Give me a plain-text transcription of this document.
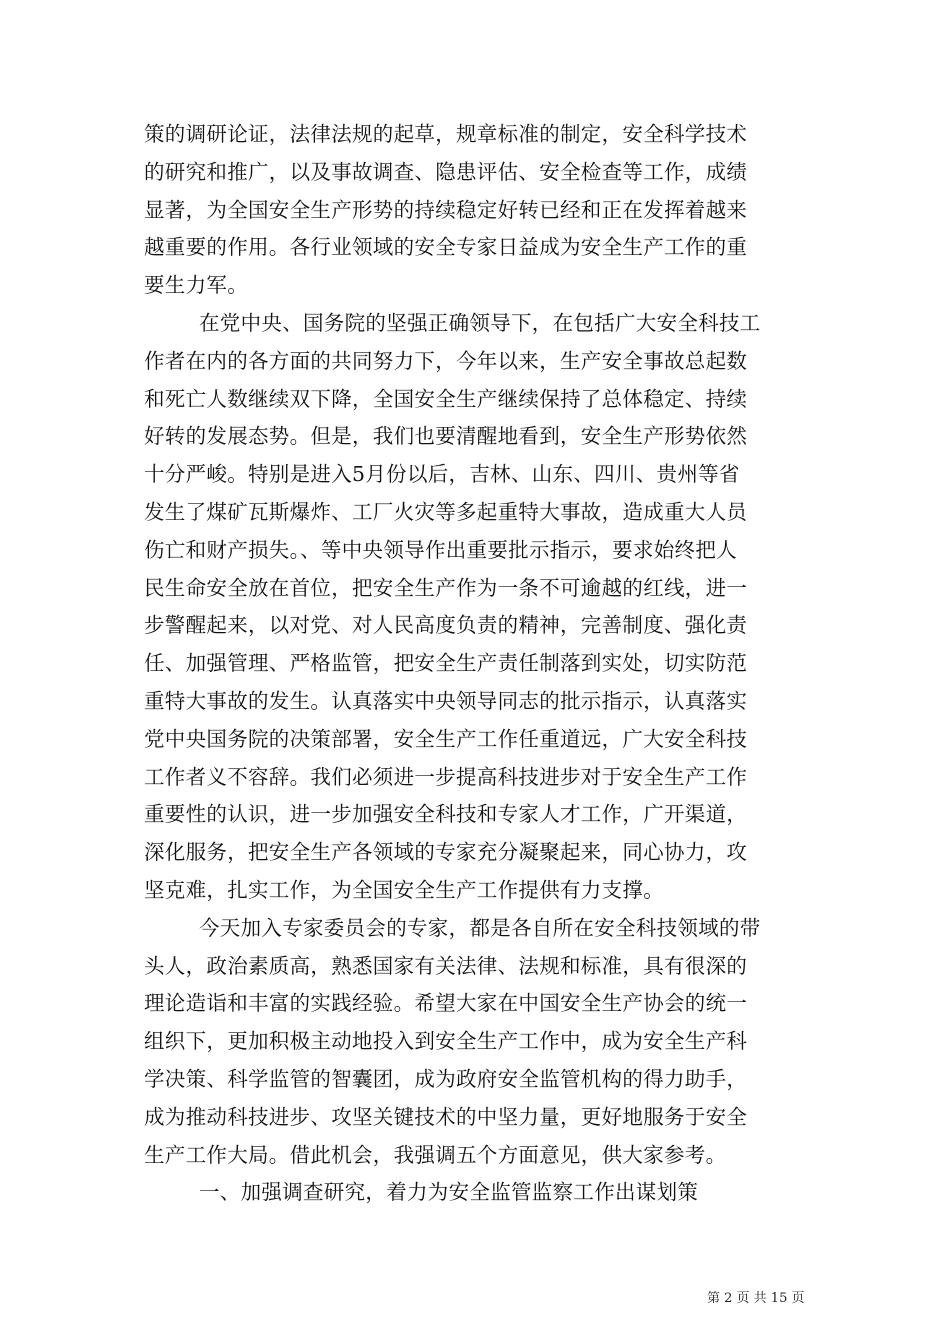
策的调研论证，法律法规的起草，规章标准的制定，安全科学技术
的研究和推广，以及事故调查、隐患评估、安全检查等工作，成绩
显著，为全国安全生产形势的持续稳定好转已经和正在发挥着越来
越重要的作用。各行业领域的安全专家日益成为安全生产工作的重
要生力军。
在党中央、国务院的坚强正确领导下，在包括广大安全科技工
作者在内的各方面的共同努力下，今年以来，生产安全事故总起数
和死亡人数继续双下降，全国安全生产继续保持了总体稳定、持续
好转的发展态势。但是，我们也要清醒地看到，安全生产形势依然
十分严峻。特别是进入5月份以后，吉林、山东、四川、贵州等省
发生了煤矿瓦斯爆炸、工厂火灾等多起重特大事故，造成重大人员
伤亡和财产损失。、等中央领导作出重要批示指示，要求始终把人
民生命安全放在首位，把安全生产作为一条不可逾越的红线，进一
步警醒起来，以对党、对人民高度负责的精神，完善制度、强化责
任、加强管理、严格监管，把安全生产责任制落到实处，切实防范
重特大事故的发生。认真落实中央领导同志的批示指示，认真落实
党中央国务院的决策部署，安全生产工作任重道远，广大安全科技
工作者义不容辞。我们必须进一步提高科技进步对于安全生产工作
重要性的认识，进一步加强安全科技和专家人才工作，广开渠道，
深化服务，把安全生产各领域的专家充分凝聚起来，同心协力，攻
坚克难，扎实工作，为全国安全生产工作提供有力支撑。
今天加入专家委员会的专家，都是各自所在安全科技领域的带
头人，政治素质高，熟悉国家有关法律、法规和标准，具有很深的
理论造诣和丰富的实践经验。希望大家在中国安全生产协会的统一
组织下，更加积极主动地投入到安全生产工作中，成为安全生产科
学决策、科学监管的智囊团，成为政府安全监管机构的得力助手，
成为推动科技进步、攻坚关键技术的中坚力量，更好地服务于安全
生产工作大局。借此机会，我强调五个方面意见，供大家参考。
一、加强调查研究，着力为安全监管监察工作出谋划策
第 2 页 共 15 页
